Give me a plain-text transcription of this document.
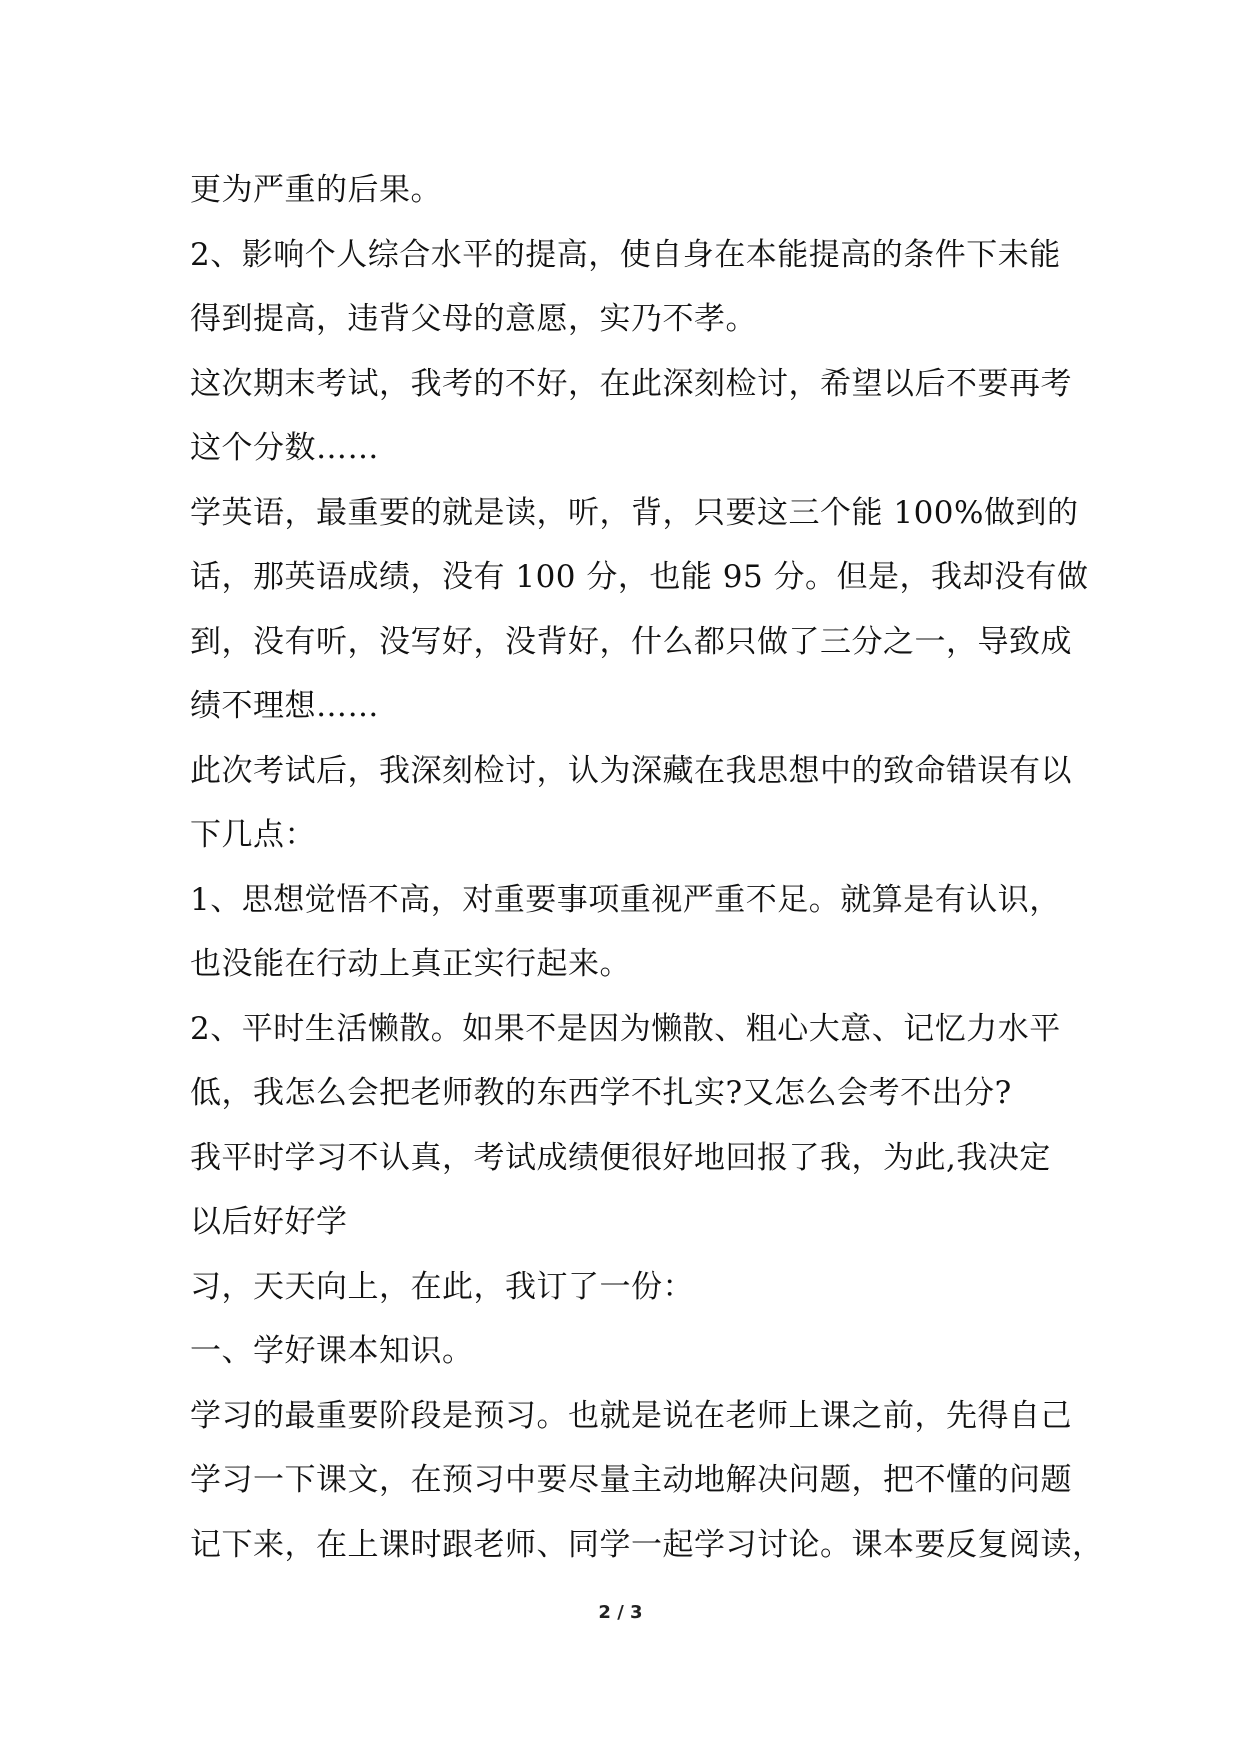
更为严重的后果。
2、影响个人综合水平的提高，使自身在本能提高的条件下未能
得到提高，违背父母的意愿，实乃不孝。
这次期末考试，我考的不好，在此深刻检讨，希望以后不要再考
这个分数……
学英语，最重要的就是读，听，背，只要这三个能 100%做到的
话，那英语成绩，没有 100 分，也能 95 分。但是，我却没有做
到，没有听，没写好，没背好，什么都只做了三分之一，导致成
绩不理想……
此次考试后，我深刻检讨，认为深藏在我思想中的致命错误有以
下几点：
1、思想觉悟不高，对重要事项重视严重不足。就算是有认识，
也没能在行动上真正实行起来。
2、平时生活懒散。如果不是因为懒散、粗心大意、记忆力水平
低，我怎么会把老师教的东西学不扎实?又怎么会考不出分?
我平时学习不认真，考试成绩便很好地回报了我，为此,我决定
以后好好学
习，天天向上，在此，我订了一份：
一、学好课本知识。
学习的最重要阶段是预习。也就是说在老师上课之前，先得自己
学习一下课文，在预习中要尽量主动地解决问题，把不懂的问题
记下来，在上课时跟老师、同学一起学习讨论。课本要反复阅读，
2 / 3
